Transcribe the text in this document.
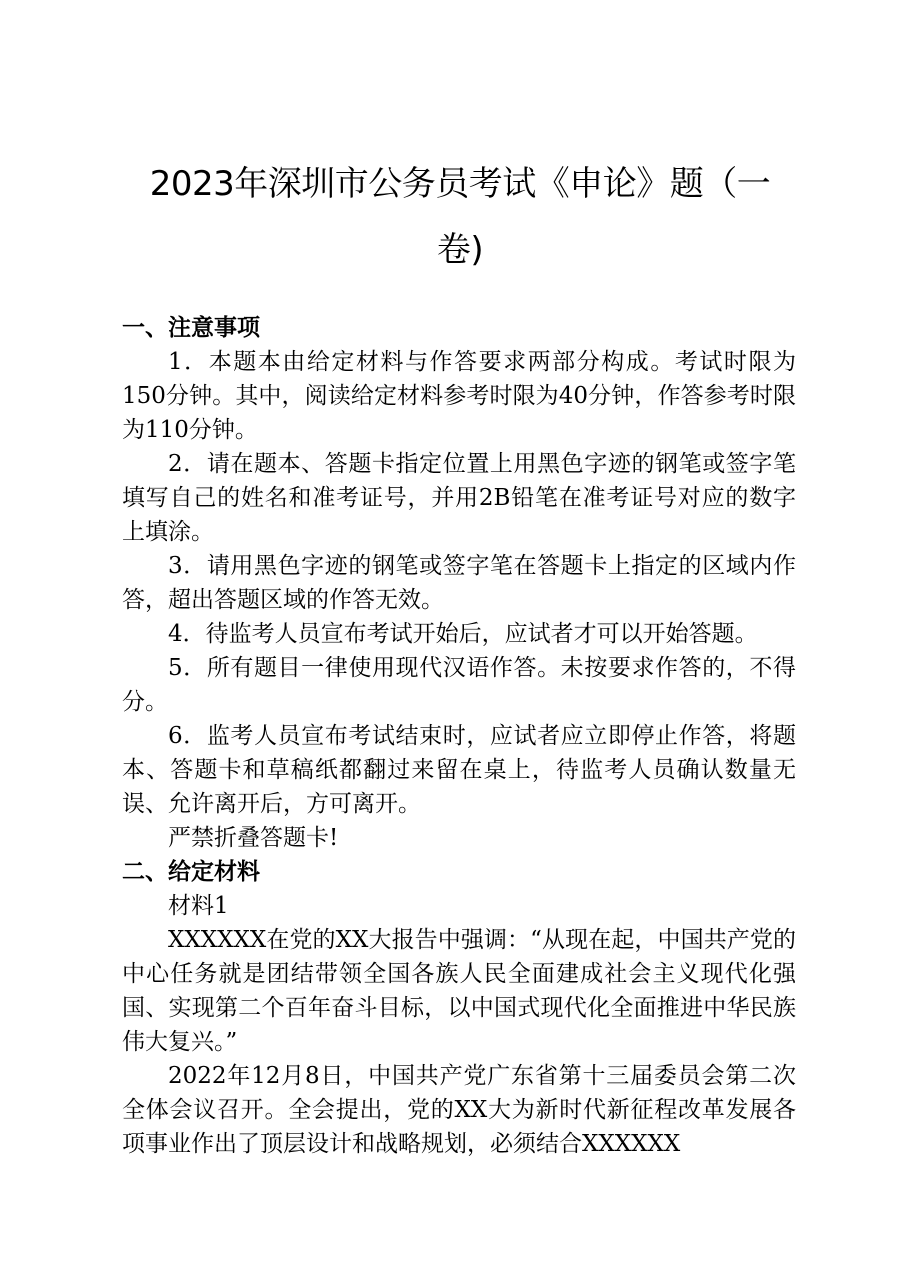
2023年深圳市公务员考试《申论》题（一
卷)

一、注意事项

1．本题本由给定材料与作答要求两部分构成。考试时限为150分钟。其中，阅读给定材料参考时限为40分钟，作答参考时限为110分钟。

2．请在题本、答题卡指定位置上用黑色字迹的钢笔或签字笔填写自己的姓名和准考证号，并用2B铅笔在准考证号对应的数字上填涂。

3．请用黑色字迹的钢笔或签字笔在答题卡上指定的区域内作答，超出答题区域的作答无效。

4．待监考人员宣布考试开始后，应试者才可以开始答题。

5．所有题目一律使用现代汉语作答。未按要求作答的，不得分。

6．监考人员宣布考试结束时，应试者应立即停止作答，将题本、答题卡和草稿纸都翻过来留在桌上，待监考人员确认数量无误、允许离开后，方可离开。

严禁折叠答题卡!

二、给定材料

材料1

XXXXXX在党的XX大报告中强调：“从现在起，中国共产党的中心任务就是团结带领全国各族人民全面建成社会主义现代化强国、实现第二个百年奋斗目标，以中国式现代化全面推进中华民族伟大复兴。”

2022年12月8日，中国共产党广东省第十三届委员会第二次全体会议召开。全会提出，党的XX大为新时代新征程改革发展各项事业作出了顶层设计和战略规划，必须结合XXXXXX
